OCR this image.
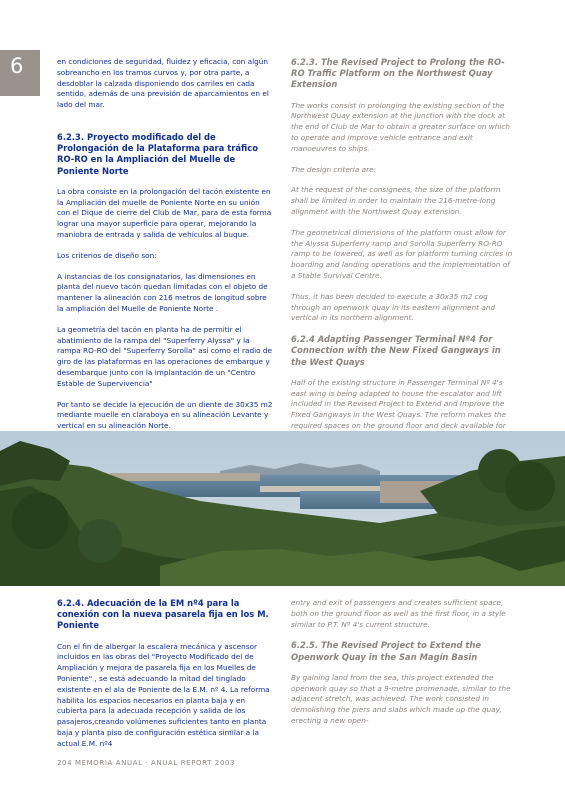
6	en condiciones de seguridad, fluidez y eficacia, con algún sobreancho en los tramos curvos y, por otra parte, a desdoblar la calzada disponiendo dos carriles en cada sentido, además de una previsión de aparcamientos en el lado del mar.

6.2.3. Proyecto modificado del de Prolongación de la Plataforma para tráfico RO-RO en la Ampliación del Muelle de Poniente Norte

La obra consiste en la prolongación del tacón existente en la Ampliación del muelle de Poniente Norte en su unión con el Dique de cierre del Club de Mar, para de esta forma lograr una mayor superficie para operar, mejorando la maniobra de entrada y salida de vehículos al buque.

Los criterios de diseño son:

A instancias de los consignatarios, las dimensiones en planta del nuevo tacón quedan limitadas con el objeto de mantener la alineación con 216 metros de longitud sobre la ampliación del Muelle de Poniente Norte .

La geometría del tacón en planta ha de permitir el abatimiento de la rampa del "Superferry Alyssa" y la rampa RO-RO del "Superferry Sorolla" así como el radio de giro de las plataformas en las operaciones de embarque y desembarque junto con la implantación de un "Centro Estable de Supervivencia"

Por tanto se decide la ejecución de un diente de 30x35 m2 mediante muelle en claraboya en su alineación Levante y vertical en su alineación Norte.

6.2.3. The Revised Project to Prolong the RO-RO Traffic Platform on the Northwest Quay Extension

The works consist in prolonging the existing section of the Northwest Quay extension at the junction with the dock at the end of Club de Mar to obtain a greater surface on which to operate and improve vehicle entrance and exit manoeuvres to ships.

The design criteria are:

At the request of the consignees, the size of the platform shall be limited in order to maintain the 216-metre-long alignment with the Northwest Quay extension.

The geometrical dimensions of the platform must allow for the Alyssa Superferry ramp and Sorolla Superferry RO-RO ramp to be lowered, as well as for platform turning circles in boarding and landing operations and the implementation of a Stable Survival Centre.

Thus, it has been decided to execute a 30x35 m2 cog through an openwork quay in its eastern alignment and vertical in its northern alignment.

6.2.4 Adapting Passenger Terminal Nº4 for Connection with the New Fixed Gangways in the West Quays

Half of the existing structure in Passenger Terminal Nº 4's east wing is being adapted to house the escalator and lift included in the Revised Project to Extend and Improve the Fixed Gangways in the West Quays. The reform makes the required spaces on the ground floor and deck available for

6.2.4. Adecuación de la EM nº4 para la conexión con la nueva pasarela fija en los M. Poniente

Con el fin de albergar la escalera mecánica y ascensor incluidos en las obras del "Proyecto Modificado del de Ampliación y mejora de pasarela fija en los Muelles de Poniente" , se está adecuando la mitad del tinglado existente en el ala de Poniente de la E.M. nº 4. La reforma habilita los espacios necesarios en planta baja y en cubierta para la adecuada recepción y salida de los pasajeros,creando volúmenes suficientes tanto en planta baja y planta piso de configuración estética similar a la actual E.M. nº4

entry and exit of passengers and creates sufficient space, both on the ground floor as well as the first floor, in a style similar to P.T. Nº 4's current structure.

6.2.5. The Revised Project to Extend the Openwork Quay in the San Magín Basin

By gaining land from the sea, this project extended the openwork quay so that a 9-metre promenade, similar to the adjacent stretch, was achieved. The work consisted in demolishing the piers and slabs which made up the quay, erecting a new open-

204 MEMORIA ANUAL · ANUAL REPORT 2003
